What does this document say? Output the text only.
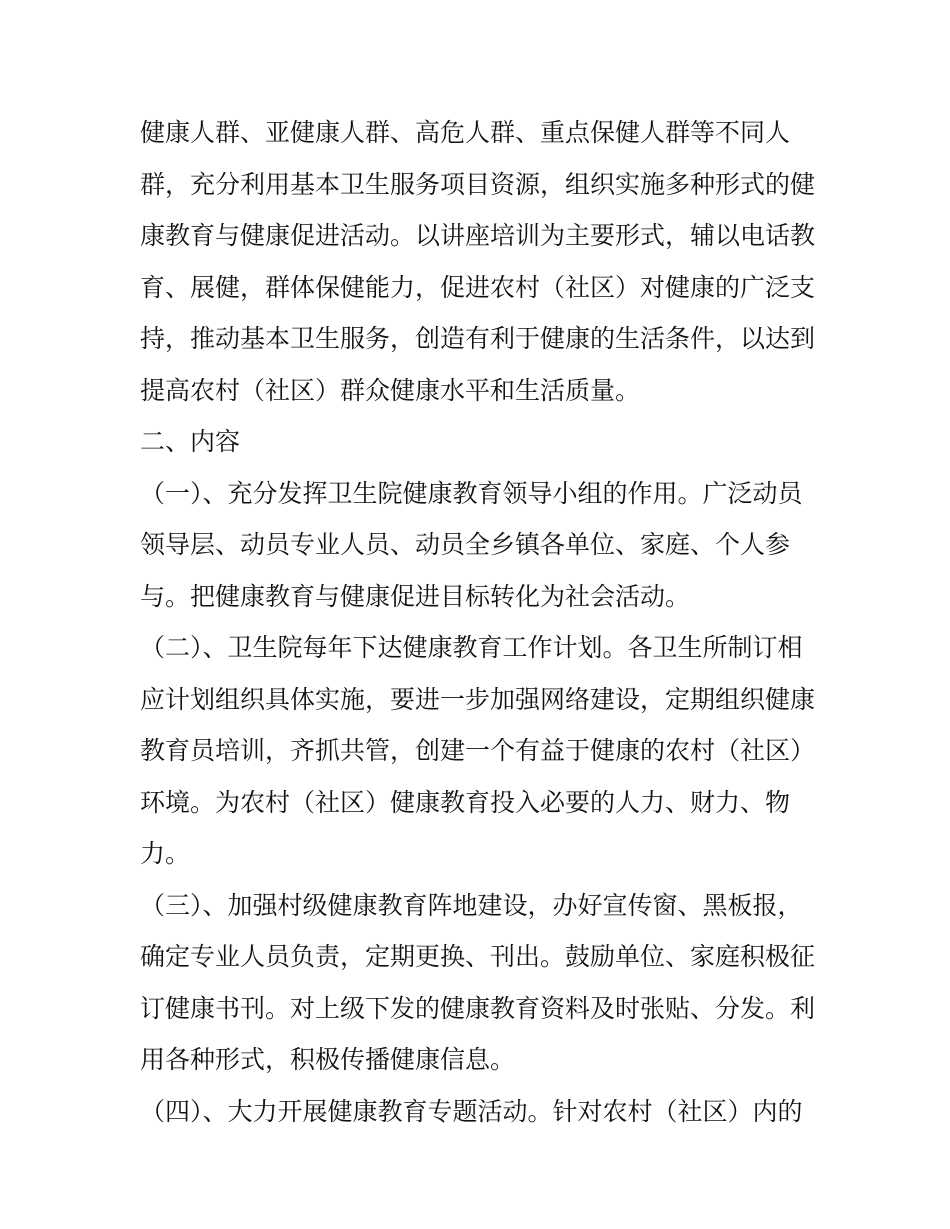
健康人群、亚健康人群、高危人群、重点保健人群等不同人
群，充分利用基本卫生服务项目资源，组织实施多种形式的健
康教育与健康促进活动。以讲座培训为主要形式，辅以电话教
育、展健，群体保健能力，促进农村（社区）对健康的广泛支
持，推动基本卫生服务，创造有利于健康的生活条件，以达到
提高农村（社区）群众健康水平和生活质量。
二、内容
（一）、充分发挥卫生院健康教育领导小组的作用。广泛动员
领导层、动员专业人员、动员全乡镇各单位、家庭、个人参
与。把健康教育与健康促进目标转化为社会活动。
（二）、卫生院每年下达健康教育工作计划。各卫生所制订相
应计划组织具体实施，要进一步加强网络建设，定期组织健康
教育员培训，齐抓共管，创建一个有益于健康的农村（社区）
环境。为农村（社区）健康教育投入必要的人力、财力、物
力。
（三）、加强村级健康教育阵地建设，办好宣传窗、黑板报，
确定专业人员负责，定期更换、刊出。鼓励单位、家庭积极征
订健康书刊。对上级下发的健康教育资料及时张贴、分发。利
用各种形式，积极传播健康信息。
（四）、大力开展健康教育专题活动。针对农村（社区）内的
